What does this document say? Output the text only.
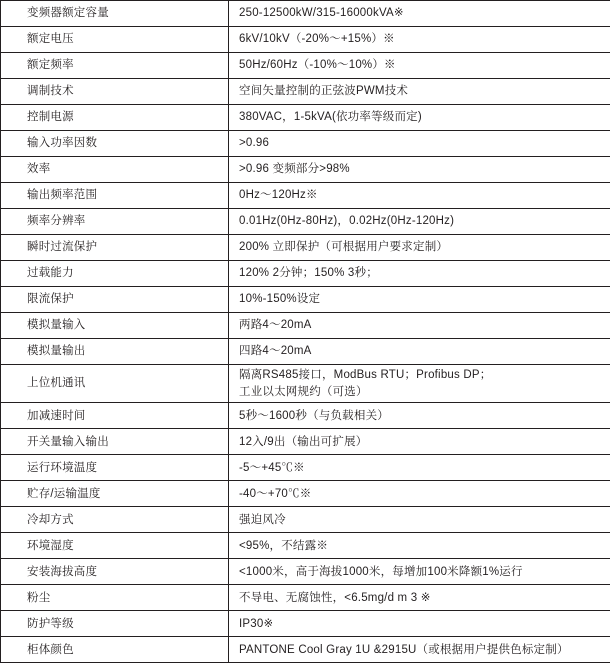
变频器额定容量	250-12500kW/315-16000kVA※

额定电压	6kV/10kV（-20%～+15%）※

额定频率	50Hz/60Hz（-10%～10%）※

调制技术	空间矢量控制的正弦波PWM技术

控制电源	380VAC，1-5kVA(依功率等级而定)

输入功率因数	>0.96

效率	>0.96 变频部分>98%

输出频率范围	0Hz～120Hz※

频率分辨率	0.01Hz(0Hz-80Hz)，0.02Hz(0Hz-120Hz)

瞬时过流保护	200% 立即保护（可根据用户要求定制）

过载能力	120% 2分钟；150% 3秒；

限流保护	10%-150%设定

模拟量输入	两路4～20mA

模拟量输出	四路4～20mA

上位机通讯	隔离RS485接口，ModBus RTU；Profibus DP；
工业以太网规约（可选）

加减速时间	5秒～1600秒（与负载相关）

开关量输入输出	12入/9出（输出可扩展）

运行环境温度	-5～+45℃※

贮存/运输温度	-40～+70℃※

冷却方式	强迫风冷

环境湿度	<95%，不结露※

安装海拔高度	<1000米，高于海拔1000米，每增加100米降额1%运行

粉尘	不导电、无腐蚀性，<6.5mg/d m 3 ※

防护等级	IP30※

柜体颜色	PANTONE Cool Gray 1U &2915U（或根据用户提供色标定制）
